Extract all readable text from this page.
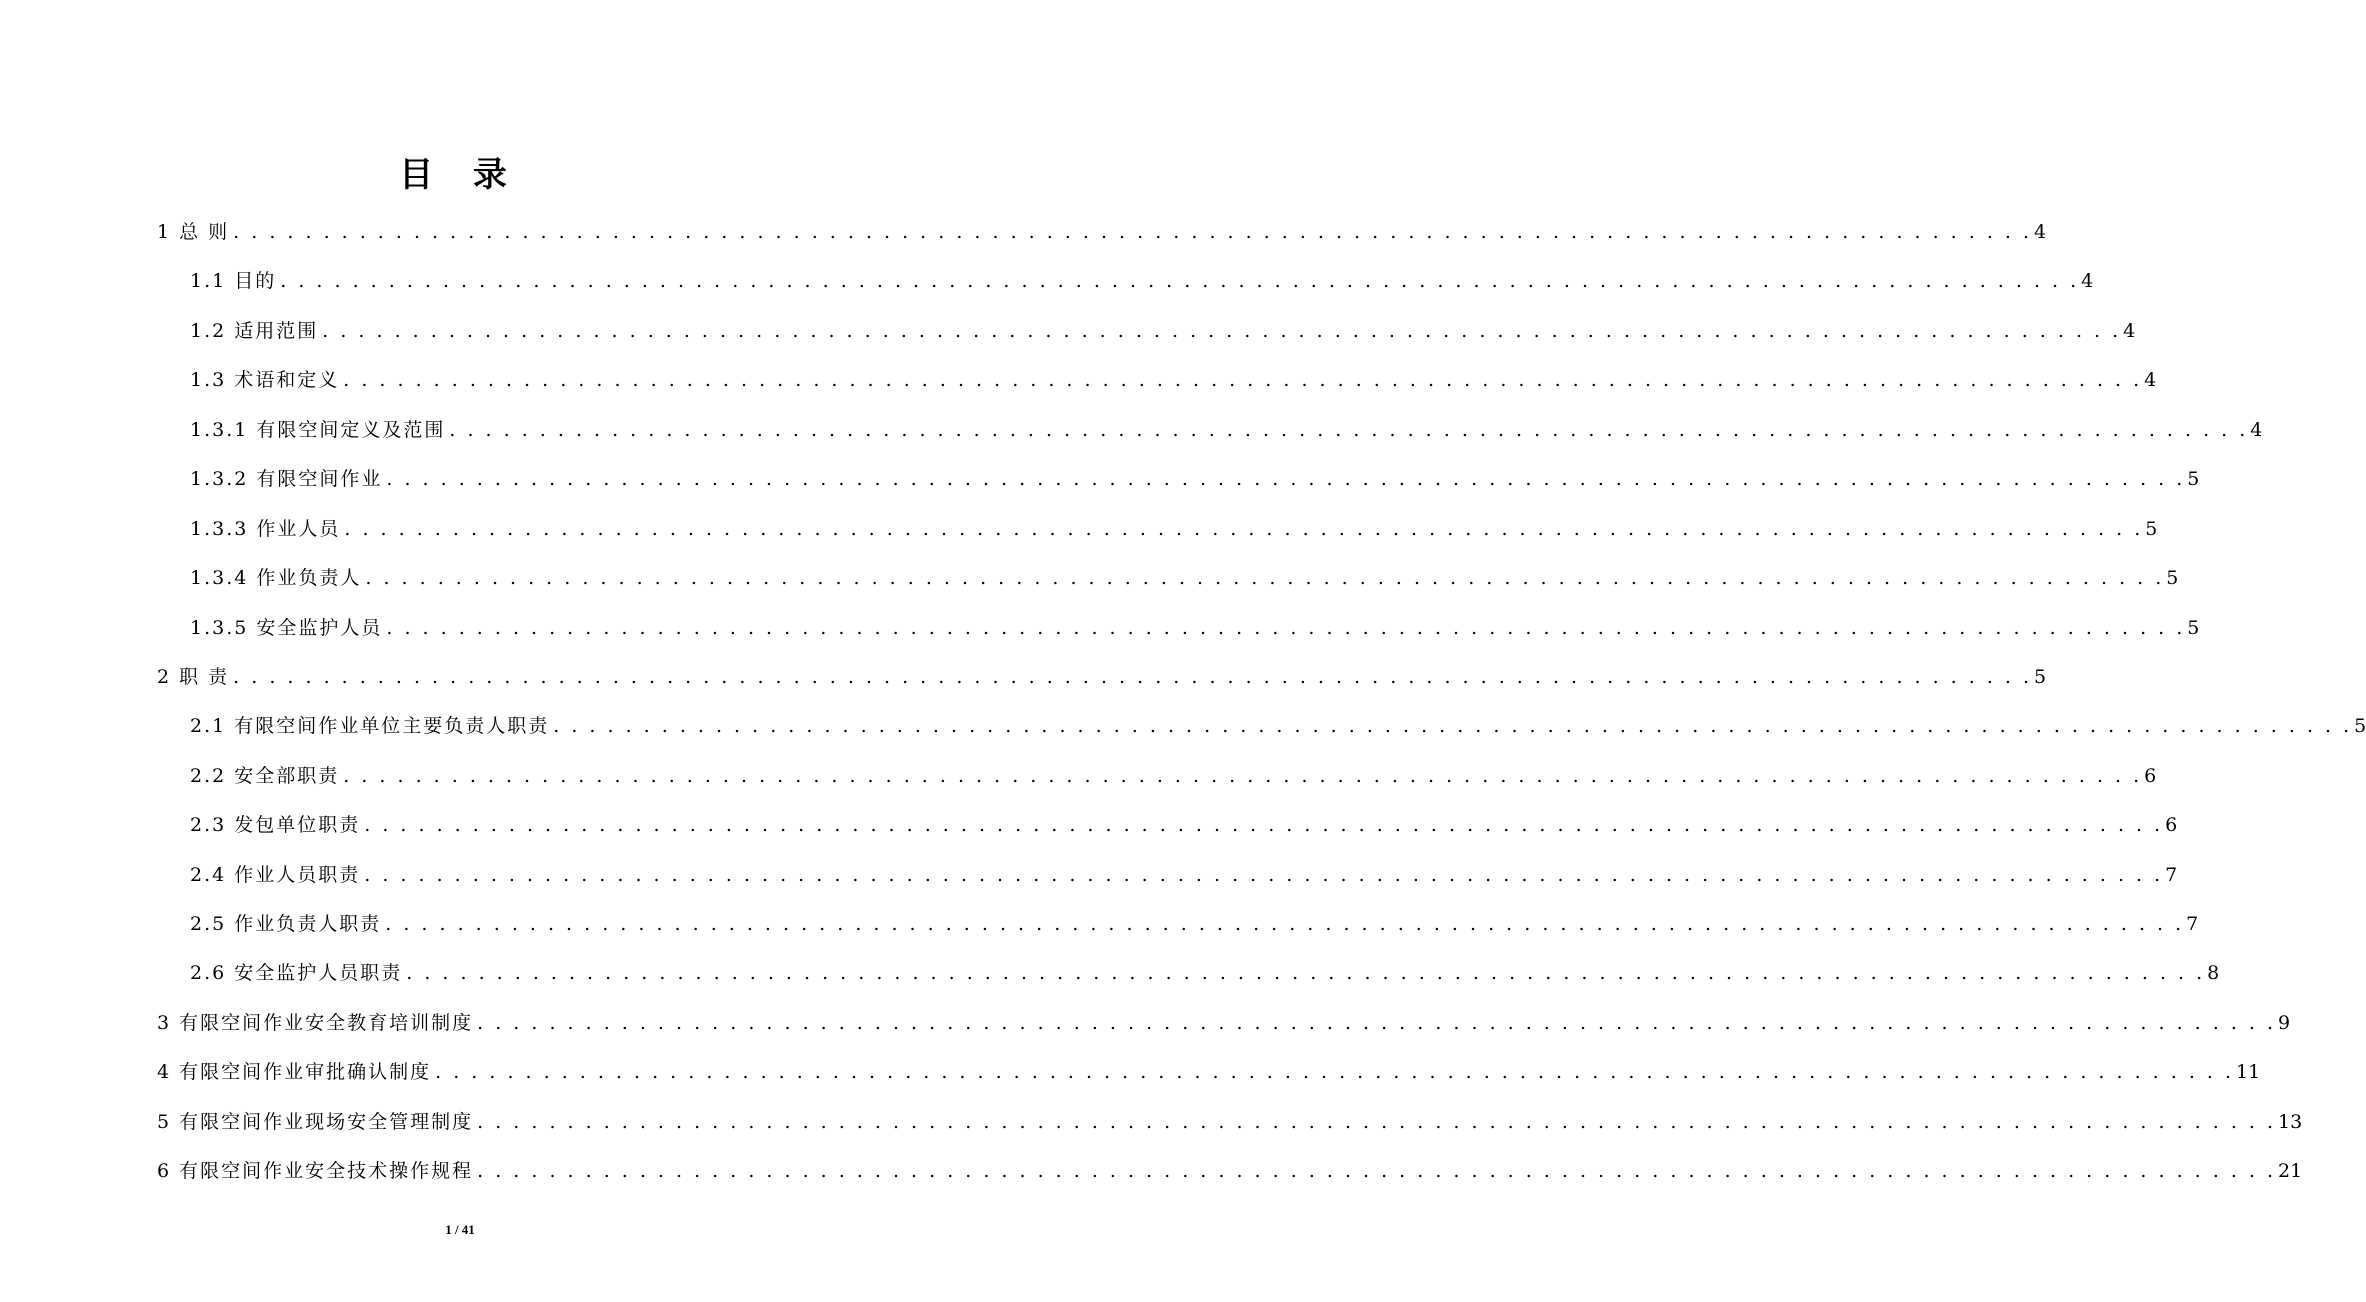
目 录
1 总 则 . . . . . . . . . . . . . . . . . . . . . . . . . . . . . . . . . . . . . . . . . . . . . . . . . . . . . . . . . . . . . . . . . . . . . . . . . . . . . . . . . . . . . . . . . . . . . . . . . . . . 4
1.1 目的 . . . . . . . . . . . . . . . . . . . . . . . . . . . . . . . . . . . . . . . . . . . . . . . . . . . . . . . . . . . . . . . . . . . . . . . . . . . . . . . . . . . . . . . . . . . . . . . . . . . . 4
1.2 适用范围 . . . . . . . . . . . . . . . . . . . . . . . . . . . . . . . . . . . . . . . . . . . . . . . . . . . . . . . . . . . . . . . . . . . . . . . . . . . . . . . . . . . . . . . . . . . . . . . . . . . . 4
1.3 术语和定义 . . . . . . . . . . . . . . . . . . . . . . . . . . . . . . . . . . . . . . . . . . . . . . . . . . . . . . . . . . . . . . . . . . . . . . . . . . . . . . . . . . . . . . . . . . . . . . . . . . . . 4
1.3.1 有限空间定义及范围 . . . . . . . . . . . . . . . . . . . . . . . . . . . . . . . . . . . . . . . . . . . . . . . . . . . . . . . . . . . . . . . . . . . . . . . . . . . . . . . . . . . . . . . . . . . . . . . . . . . . 4
1.3.2 有限空间作业 . . . . . . . . . . . . . . . . . . . . . . . . . . . . . . . . . . . . . . . . . . . . . . . . . . . . . . . . . . . . . . . . . . . . . . . . . . . . . . . . . . . . . . . . . . . . . . . . . . . . 5
1.3.3 作业人员 . . . . . . . . . . . . . . . . . . . . . . . . . . . . . . . . . . . . . . . . . . . . . . . . . . . . . . . . . . . . . . . . . . . . . . . . . . . . . . . . . . . . . . . . . . . . . . . . . . . . 5
1.3.4 作业负责人 . . . . . . . . . . . . . . . . . . . . . . . . . . . . . . . . . . . . . . . . . . . . . . . . . . . . . . . . . . . . . . . . . . . . . . . . . . . . . . . . . . . . . . . . . . . . . . . . . . . . 5
1.3.5 安全监护人员 . . . . . . . . . . . . . . . . . . . . . . . . . . . . . . . . . . . . . . . . . . . . . . . . . . . . . . . . . . . . . . . . . . . . . . . . . . . . . . . . . . . . . . . . . . . . . . . . . . . . 5
2 职 责 . . . . . . . . . . . . . . . . . . . . . . . . . . . . . . . . . . . . . . . . . . . . . . . . . . . . . . . . . . . . . . . . . . . . . . . . . . . . . . . . . . . . . . . . . . . . . . . . . . . . 5
2.1 有限空间作业单位主要负责人职责 . . . . . . . . . . . . . . . . . . . . . . . . . . . . . . . . . . . . . . . . . . . . . . . . . . . . . . . . . . . . . . . . . . . . . . . . . . . . . . . . . . . . . . . . . . . . . . . . . . . . 5
2.2 安全部职责 . . . . . . . . . . . . . . . . . . . . . . . . . . . . . . . . . . . . . . . . . . . . . . . . . . . . . . . . . . . . . . . . . . . . . . . . . . . . . . . . . . . . . . . . . . . . . . . . . . . . 6
2.3 发包单位职责 . . . . . . . . . . . . . . . . . . . . . . . . . . . . . . . . . . . . . . . . . . . . . . . . . . . . . . . . . . . . . . . . . . . . . . . . . . . . . . . . . . . . . . . . . . . . . . . . . . . . 6
2.4 作业人员职责 . . . . . . . . . . . . . . . . . . . . . . . . . . . . . . . . . . . . . . . . . . . . . . . . . . . . . . . . . . . . . . . . . . . . . . . . . . . . . . . . . . . . . . . . . . . . . . . . . . . . 7
2.5 作业负责人职责 . . . . . . . . . . . . . . . . . . . . . . . . . . . . . . . . . . . . . . . . . . . . . . . . . . . . . . . . . . . . . . . . . . . . . . . . . . . . . . . . . . . . . . . . . . . . . . . . . . . . 7
2.6 安全监护人员职责 . . . . . . . . . . . . . . . . . . . . . . . . . . . . . . . . . . . . . . . . . . . . . . . . . . . . . . . . . . . . . . . . . . . . . . . . . . . . . . . . . . . . . . . . . . . . . . . . . . . . 8
3 有限空间作业安全教育培训制度 . . . . . . . . . . . . . . . . . . . . . . . . . . . . . . . . . . . . . . . . . . . . . . . . . . . . . . . . . . . . . . . . . . . . . . . . . . . . . . . . . . . . . . . . . . . . . . . . . . . . 9
4 有限空间作业审批确认制度 . . . . . . . . . . . . . . . . . . . . . . . . . . . . . . . . . . . . . . . . . . . . . . . . . . . . . . . . . . . . . . . . . . . . . . . . . . . . . . . . . . . . . . . . . . . . . . . . . . . . 11
5 有限空间作业现场安全管理制度 . . . . . . . . . . . . . . . . . . . . . . . . . . . . . . . . . . . . . . . . . . . . . . . . . . . . . . . . . . . . . . . . . . . . . . . . . . . . . . . . . . . . . . . . . . . . . . . . . . . . 13
6 有限空间作业安全技术操作规程 . . . . . . . . . . . . . . . . . . . . . . . . . . . . . . . . . . . . . . . . . . . . . . . . . . . . . . . . . . . . . . . . . . . . . . . . . . . . . . . . . . . . . . . . . . . . . . . . . . . . 21
1 / 41
